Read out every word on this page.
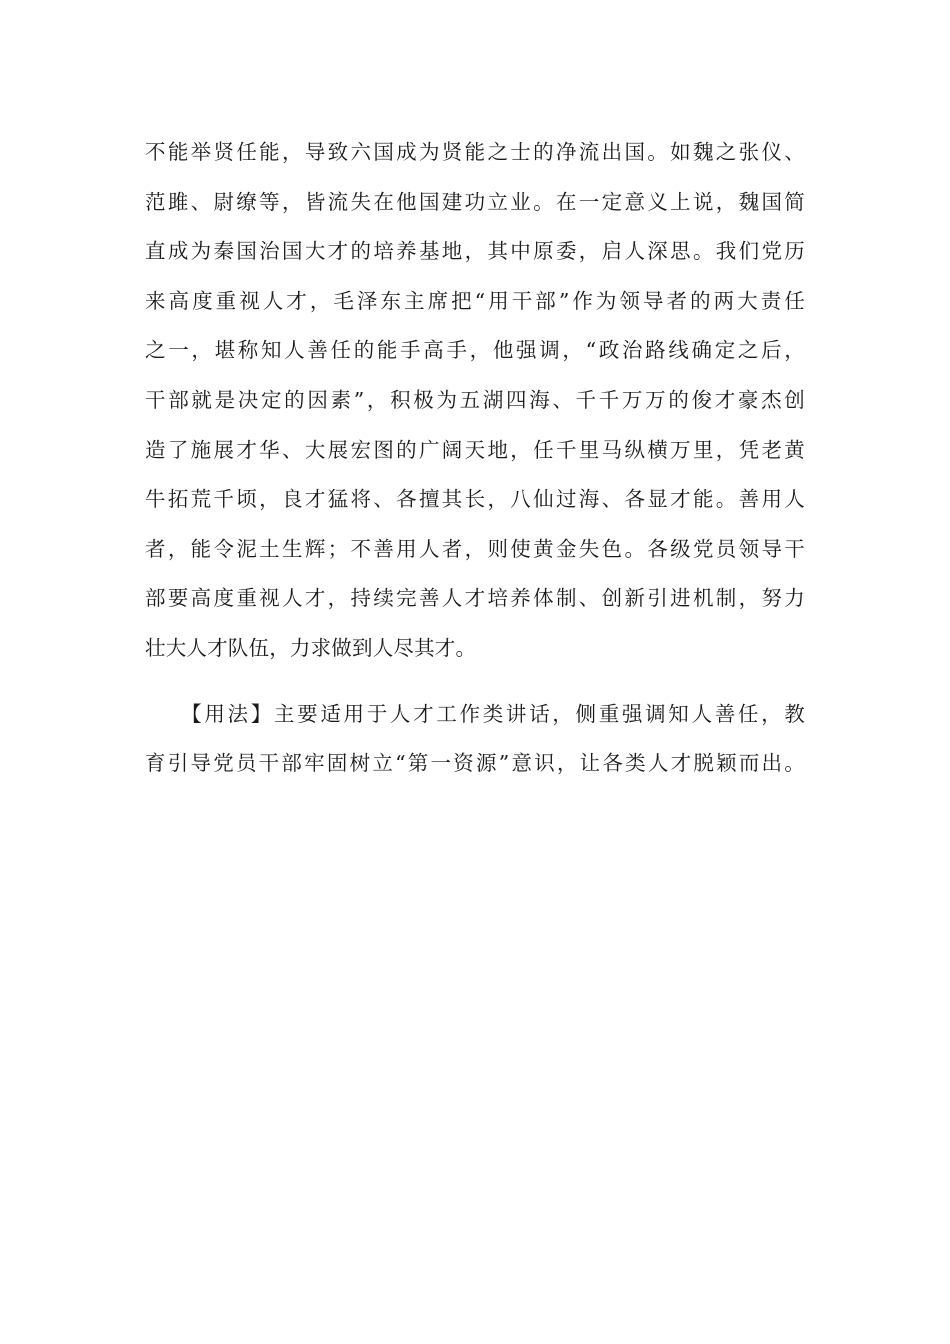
不能举贤任能，导致六国成为贤能之士的净流出国。如魏之张仪、
范雎、尉缭等，皆流失在他国建功立业。在一定意义上说，魏国简
直成为秦国治国大才的培养基地，其中原委，启人深思。我们党历
来高度重视人才，毛泽东主席把“用干部”作为领导者的两大责任
之一，堪称知人善任的能手高手，他强调，“政治路线确定之后，
干部就是决定的因素”，积极为五湖四海、千千万万的俊才豪杰创
造了施展才华、大展宏图的广阔天地，任千里马纵横万里，凭老黄
牛拓荒千顷，良才猛将、各擅其长，八仙过海、各显才能。善用人
者，能令泥土生辉；不善用人者，则使黄金失色。各级党员领导干
部要高度重视人才，持续完善人才培养体制、创新引进机制，努力
壮大人才队伍，力求做到人尽其才。
　　【用法】主要适用于人才工作类讲话，侧重强调知人善任，教
育引导党员干部牢固树立“第一资源”意识，让各类人才脱颖而出。
